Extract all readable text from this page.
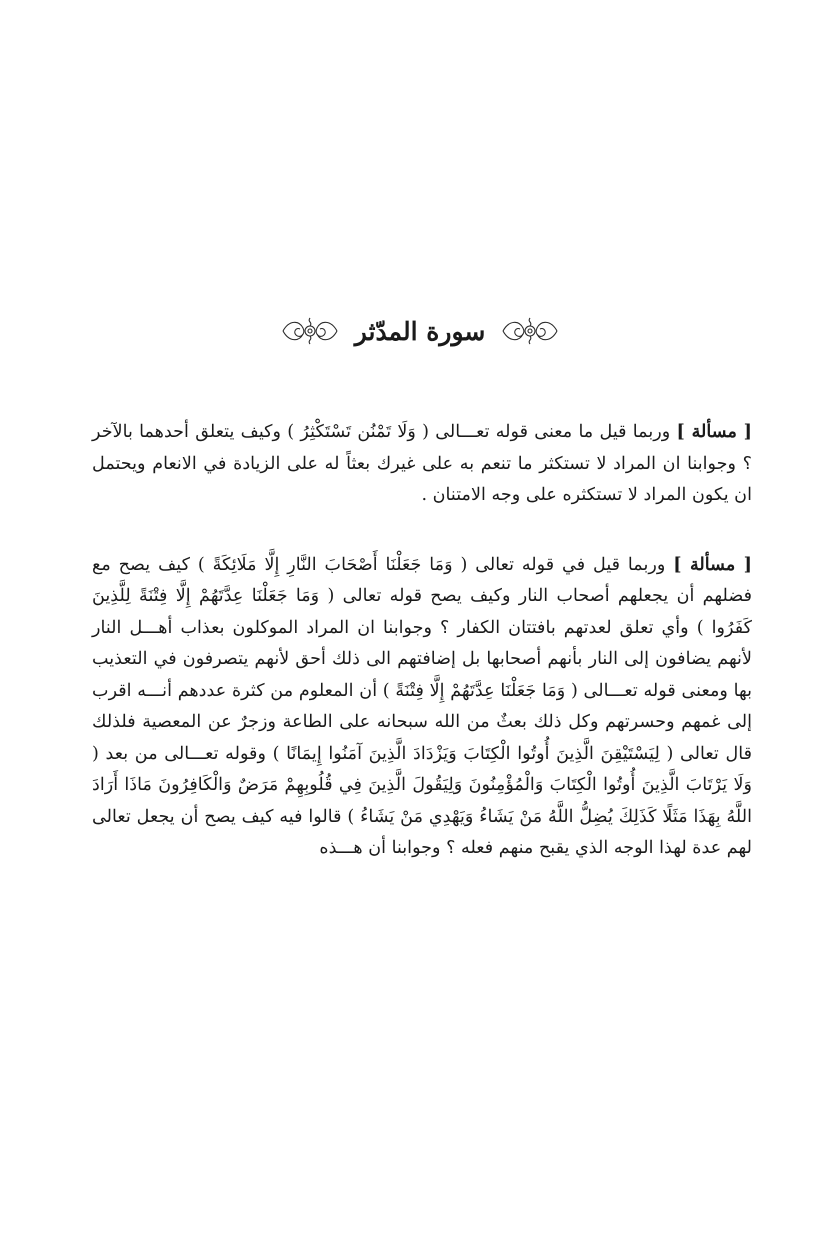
سورة المدّثر

[ مسألة ] وربما قيل ما معنى قوله تعـــالى ( وَلَا تَمْنُن تَسْتَكْثِرُ ) وكيف يتعلق أحدهما بالآخر ؟ وجوابنا ان المراد لا تستكثر ما تنعم به على غيرك بعثاً له على الزيادة في الانعام ويحتمل ان يكون المراد لا تستكثره على وجه الامتنان .

[ مسألة ] وربما قيل في قوله تعالى ( وَمَا جَعَلْنَا أَصْحَابَ النَّارِ إِلَّا مَلَائِكَةً ) كيف يصح مع فضلهم أن يجعلهم أصحاب النار وكيف يصح قوله تعالى ( وَمَا جَعَلْنَا عِدَّتَهُمْ إِلَّا فِتْنَةً لِلَّذِينَ كَفَرُوا ) وأي تعلق لعدتهم بافتتان الكفار ؟ وجوابنا ان المراد الموكلون بعذاب أهـــل النار لأنهم يضافون إلى النار بأنهم أصحابها بل إضافتهم الى ذلك أحق لأنهم يتصرفون في التعذيب بها ومعنى قوله تعـــالى ( وَمَا جَعَلْنَا عِدَّتَهُمْ إِلَّا فِتْنَةً ) أن المعلوم من كثرة عددهم أنـــه اقرب إلى غمهم وحسرتهم وكل ذلك بعثٌ من الله سبحانه على الطاعة وزجرٌ عن المعصية فلذلك قال تعالى ( لِيَسْتَيْقِنَ الَّذِينَ أُوتُوا الْكِتَابَ وَيَزْدَادَ الَّذِينَ آمَنُوا إِيمَانًا ) وقوله تعـــالى من بعد ( وَلَا يَرْتَابَ الَّذِينَ أُوتُوا الْكِتَابَ وَالْمُؤْمِنُونَ وَلِيَقُولَ الَّذِينَ فِي قُلُوبِهِمْ مَرَضٌ وَالْكَافِرُونَ مَاذَا أَرَادَ اللَّهُ بِهَذَا مَثَلًا كَذَلِكَ يُضِلُّ اللَّهُ مَنْ يَشَاءُ وَيَهْدِي مَنْ يَشَاءُ ) قالوا فيه كيف يصح أن يجعل تعالى لهم عدة لهذا الوجه الذي يقبح منهم فعله ؟ وجوابنا أن هـــذه
